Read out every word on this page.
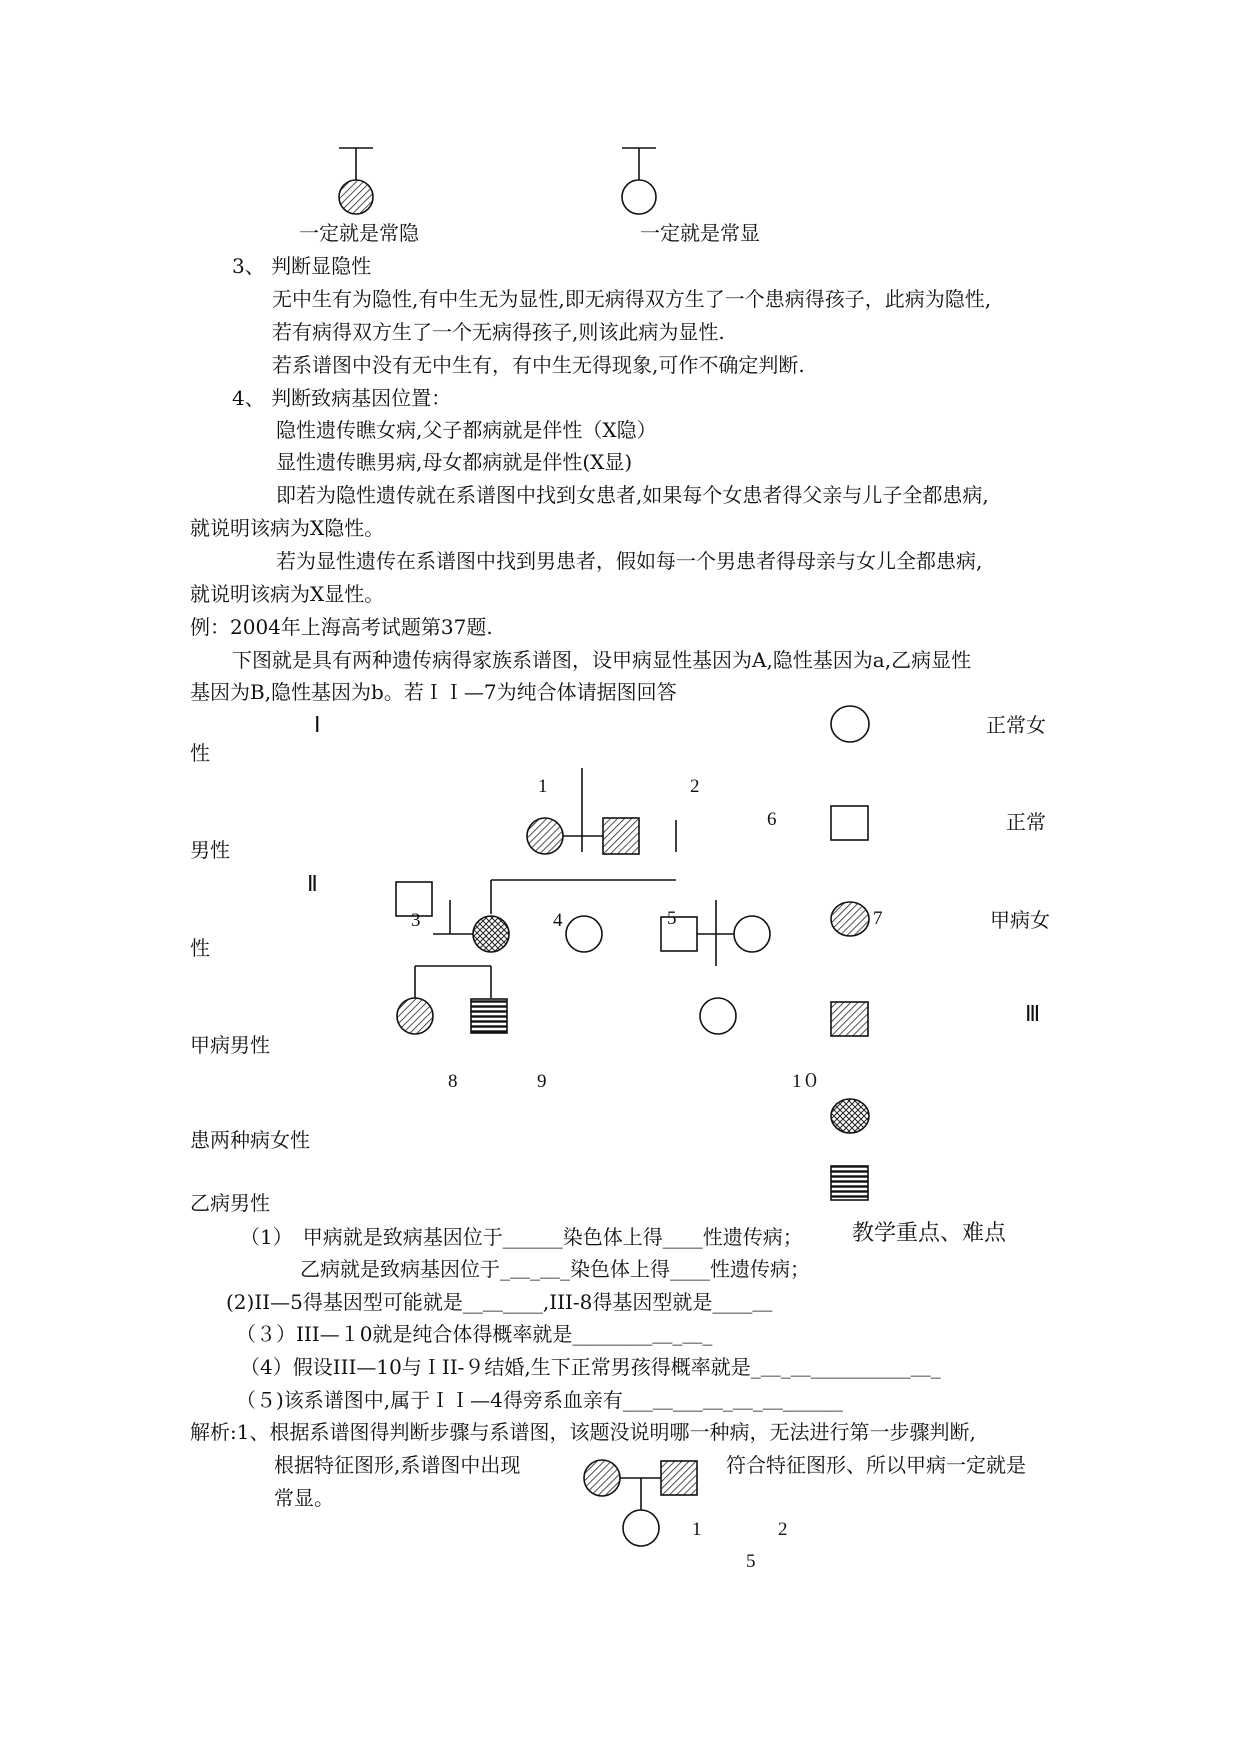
一定就是常隐	一定就是常显
3、 判断显隐性
无中生有为隐性,有中生无为显性,即无病得双方生了一个患病得孩子，此病为隐性,
若有病得双方生了一个无病得孩子,则该此病为显性.
若系谱图中没有无中生有，有中生无得现象,可作不确定判断.
4、 判断致病基因位置：
隐性遗传瞧女病,父子都病就是伴性（X隐）
显性遗传瞧男病,母女都病就是伴性(X显)
即若为隐性遗传就在系谱图中找到女患者,如果每个女患者得父亲与儿子全都患病,
就说明该病为X隐性。
若为显性遗传在系谱图中找到男患者，假如每一个男患者得母亲与女儿全都患病,
就说明该病为X显性。
例：2004年上海高考试题第37题.
下图就是具有两种遗传病得家族系谱图，设甲病显性基因为A,隐性基因为a,乙病显性
基因为B,隐性基因为b。若ＩＩ—7为纯合体请据图回答
Ⅰ
Ⅱ
Ⅲ
1	2
3	4	5
6
7
8	9	1０
正常女
性
正常
男性
甲病女
性
甲病男性
患两种病女性
乙病男性
（1）　甲病就是致病基因位于______染色体上得____性遗传病； 教学重点、难点
乙病就是致病基因位于_＿_＿_染色体上得____性遗传病；
(2)II—5得基因型可能就是__＿____,III-8得基因型就是____＿
（３）III—１0就是纯合体得概率就是________＿_＿_
（4）假设III—10与ＩII-９结婚,生下正常男孩得概率就是_＿_＿__________＿_
（５)该系谱图中,属于ＩＩ—4得旁系血亲有___＿___＿_＿_＿______
解析:1、根据系谱图得判断步骤与系谱图，该题没说明哪一种病，无法进行第一步骤判断,
根据特征图形,系谱图中出现	符合特征图形、所以甲病一定就是
常显。
1	2
5
